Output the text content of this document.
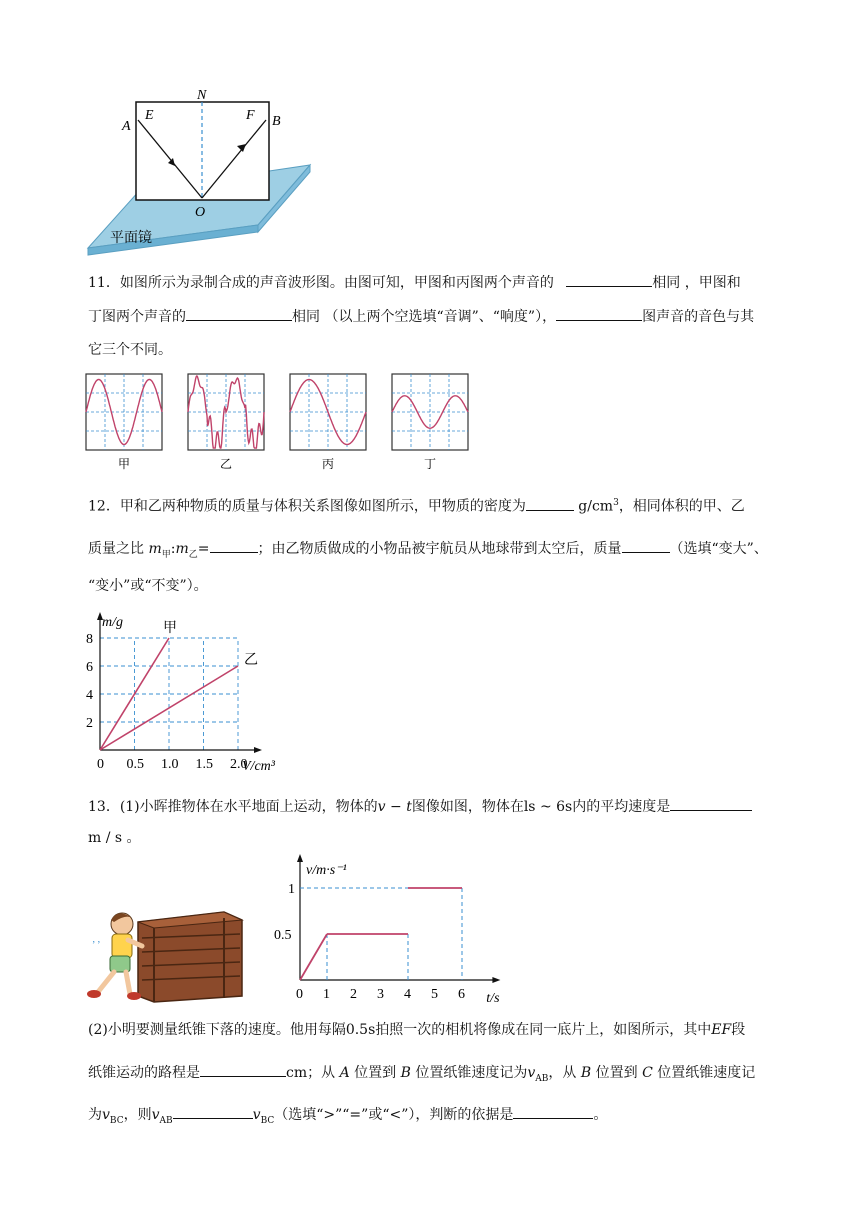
N
A
E	F B
O
平面镜
11．如图所示为录制合成的声音波形图。由图可知，甲图和丙图两个声音的	相同 ，甲图和
丁图两个声音的	相同 （以上两个空选填“音调”、“响度”），	图声音的音色与其
它三个不同。
甲	乙	丙	丁
12．甲和乙两种物质的质量与体积关系图像如图所示，甲物质的密度为	$g/cm^3$，相同体积的甲、乙
质量之比 $m_甲:m_乙=$	；由乙物质做成的小物品被宇航员从地球带到太空后，质量	（选填“变大”、
“变小”或“不变”）。
0 0.5 1.0 1.5 2.0
2
4
6
8
m/g
V/cm³
甲
乙
13．(1)小晖推物体在水平地面上运动，物体的v − t图像如图，物体在ls ~ 6s内的平均速度是
m / s 。
’ ’
0 1 2 3 4 5 6
0.5
1
v/m·s⁻¹
t/s
(2)小明要测量纸锥下落的速度。他用每隔0.5s拍照一次的相机将像成在同一底片上，如图所示，其中EF段
纸锥运动的路程是	cm；从 A 位置到 B 位置纸锥速度记为$v_{AB}$，从 B 位置到 C 位置纸锥速度记
为$v_{BC}$，则$v_{AB}$	$v_{BC}$（选填“>”“=”或“<”），判断的依据是	。
